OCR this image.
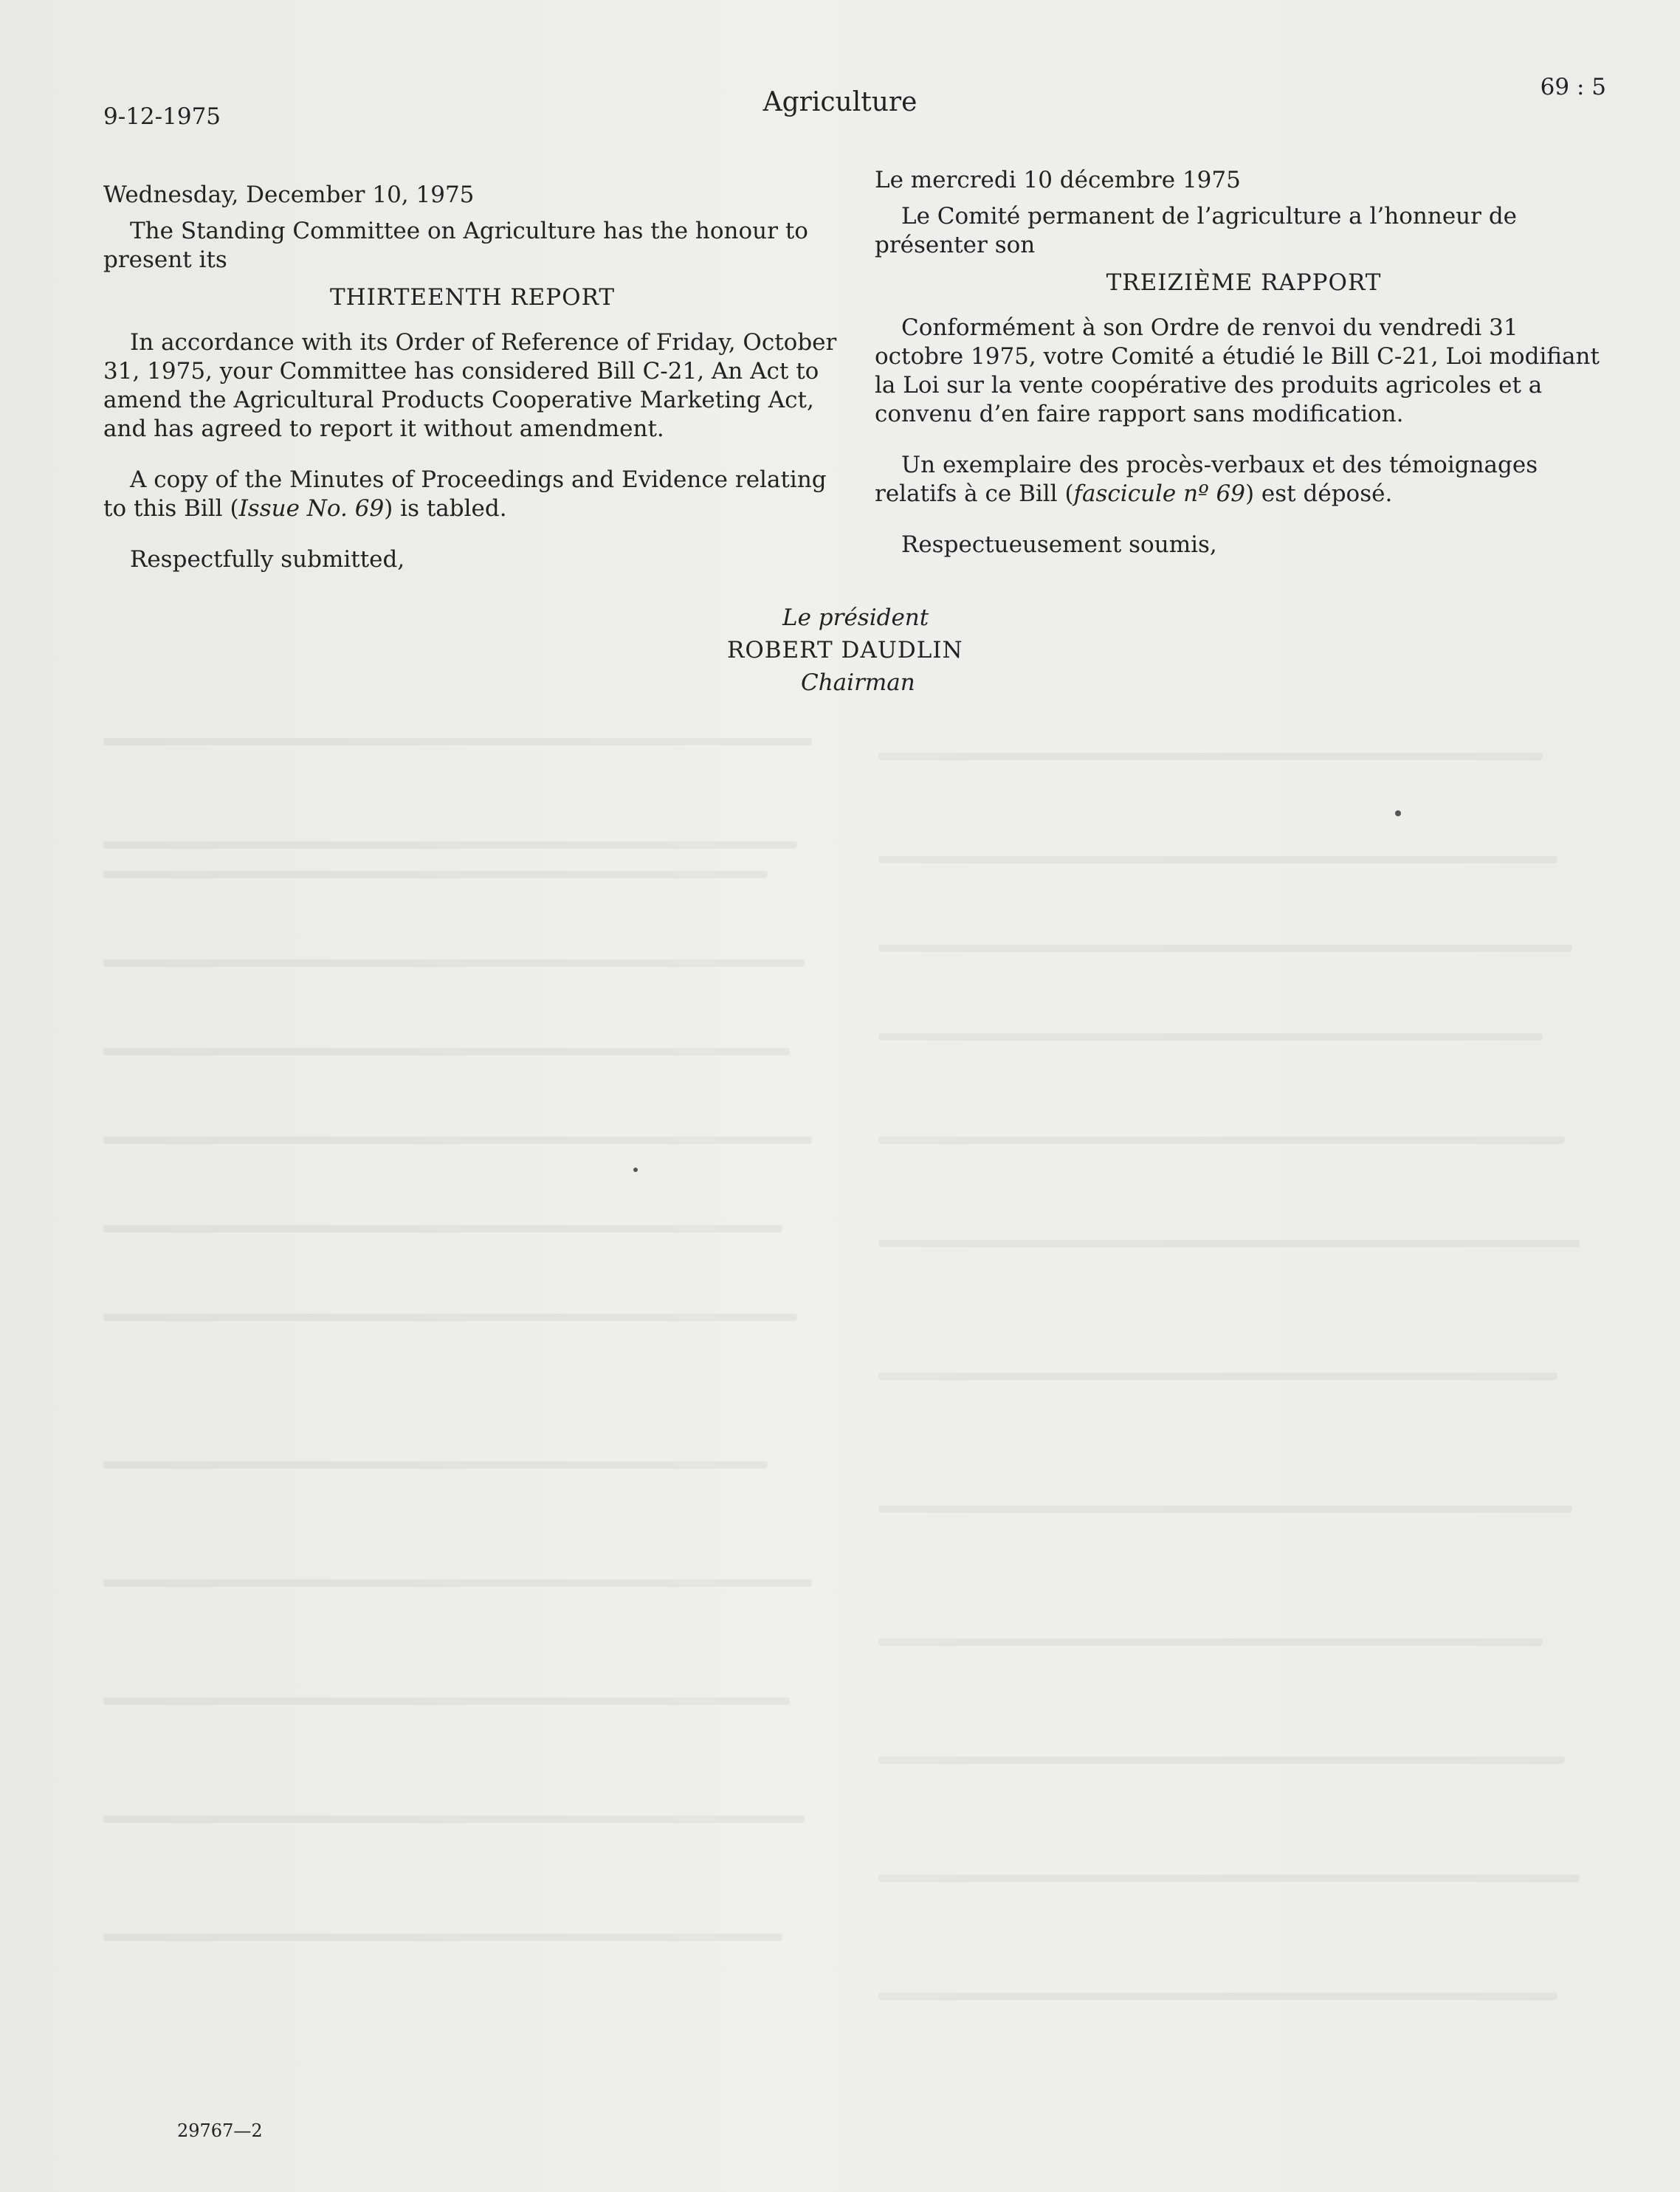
9-12-1975	Agriculture	69 : 5

Wednesday, December 10, 1975

The Standing Committee on Agriculture has the honour to present its

THIRTEENTH REPORT

In accordance with its Order of Reference of Friday, October 31, 1975, your Committee has considered Bill C-21, An Act to amend the Agricultural Products Cooperative Marketing Act, and has agreed to report it without amendment.

A copy of the Minutes of Proceedings and Evidence relating to this Bill (Issue No. 69) is tabled.

Respectfully submitted,

Le mercredi 10 décembre 1975

Le Comité permanent de l’agriculture a l’honneur de présenter son

TREIZIÈME RAPPORT

Conformément à son Ordre de renvoi du vendredi 31 octobre 1975, votre Comité a étudié le Bill C-21, Loi modifiant la Loi sur la vente coopérative des produits agricoles et a convenu d’en faire rapport sans modification.

Un exemplaire des procès-verbaux et des témoignages relatifs à ce Bill (fascicule nº 69) est déposé.

Respectueusement soumis,

Le président
ROBERT DAUDLIN
Chairman
29767—2
